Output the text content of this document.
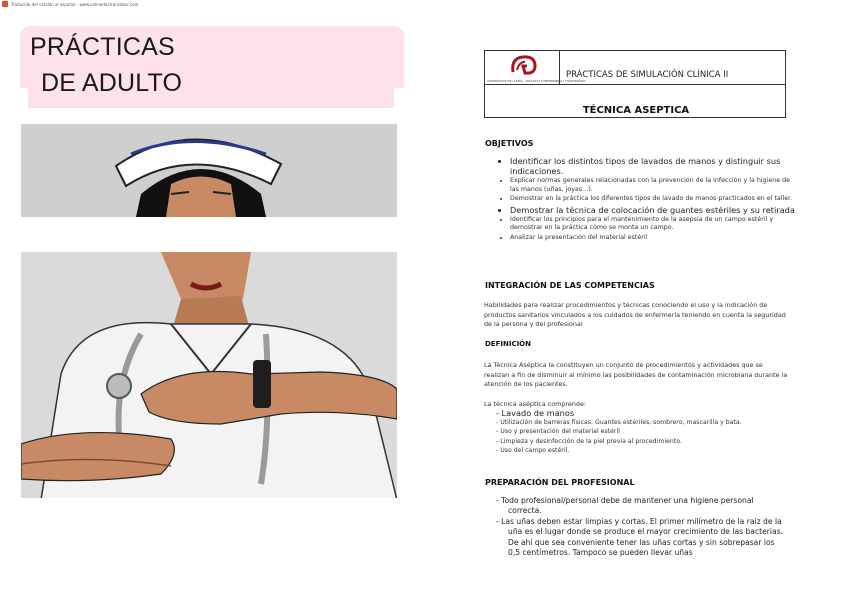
Traducido del catalán al español - www.onlinedoctranslator.com
PRÁCTICAS
DE ADULTO	UNIVERSITAT DE LLEIDA · FACULTAT D'INFERMERIA I FISIOTERÀPIA
PRÁCTICAS DE SIMULACIÓN CLÍNICA II
TÉCNICA ASEPTICA
OBJETIVOS
• Identificar los distintos tipos de lavados de manos y distinguir sus indicaciones.
• Explicar normas generales relacionadas con la prevención de la infección y la higiene de las manos (uñas, joyas…).
• Demostrar en la práctica los diferentes tipos de lavado de manos practicados en el taller.
• Demostrar la técnica de colocación de guantes estériles y su retirada
• Identificar los principios para el mantenimiento de la asepsia de un campo estéril y demostrar en la práctica cómo se monta un campo.
• Analizar la presentación del material estéril
INTEGRACIÓN DE LAS COMPETENCIAS
Habilidades para realizar procedimientos y técnicas conociendo el uso y la indicación de productos sanitarios vinculados a los cuidados de enfermería teniendo en cuenta la seguridad de la persona y del profesional
DEFINICIÓN
La Técnica Aséptica la constituyen un conjunto de procedimientos y actividades que se realizan a fin de disminuir al mínimo las posibilidades de contaminación microbiana durante la atención de los pacientes.
La técnica aséptica comprende:
- Lavado de manos
- Utilización de barreras físicas: Guantes estériles, sombrero, mascarilla y bata.
- Uso y presentación del material estéril
- Limpieza y desinfección de la piel previa al procedimiento.
- Uso del campo estéril.
PREPARACIÓN DEL PROFESIONAL
- Todo profesional/personal debe de mantener una higiene personal correcta.
- Las uñas deben estar limpias y cortas. El primer milímetro de la raíz de la uña es el lugar donde se produce el mayor crecimiento de las bacterias. De ahí que sea conveniente tener las uñas cortas y sin sobrepasar los 0,5 centímetros. Tampoco se pueden llevar uñas
